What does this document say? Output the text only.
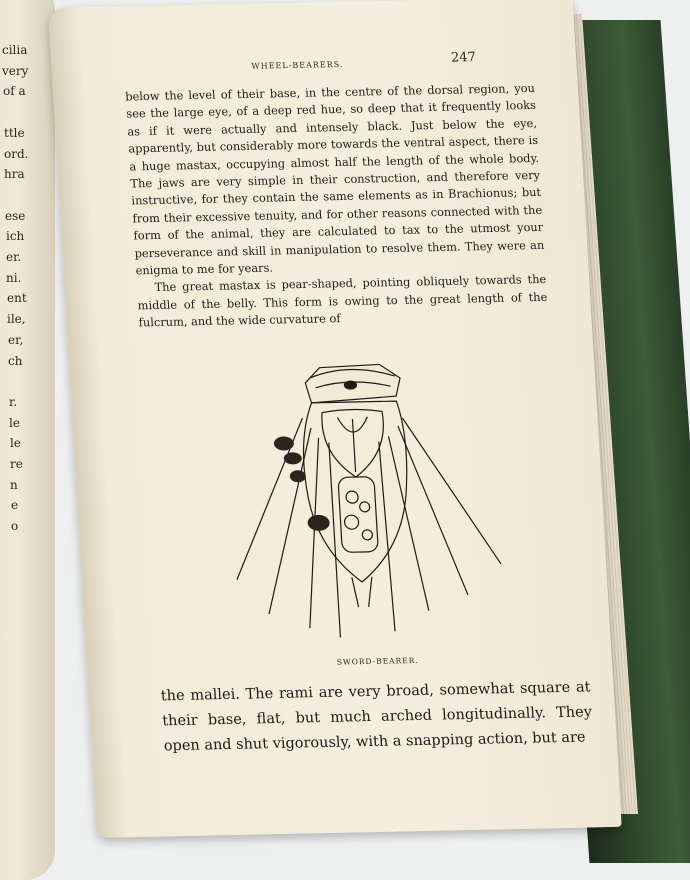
cilia
very
of a
ttle
ord.
hra
ese
ich
er.
ni.
ent
ile,
er,
ch
r.
le
le
re
n
e
o
WHEEL-BEARERS.	247

below the level of their base, in the centre of the dorsal region, you see the large eye, of a deep red hue, so deep that it frequently looks as if it were actually and intensely black. Just below the eye, apparently, but considerably more towards the ventral aspect, there is a huge mastax, occupying almost half the length of the whole body. The jaws are very simple in their construction, and therefore very instructive, for they contain the same elements as in Brachionus; but from their excessive tenuity, and for other reasons connected with the form of the animal, they are calculated to tax to the utmost your perseverance and skill in manipulation to resolve them. They were an enigma to me for years.

The great mastax is pear-shaped, pointing obliquely towards the middle of the belly. This form is owing to the great length of the fulcrum, and the wide curvature of

SWORD-BEARER.

the mallei. The rami are very broad, somewhat square at their base, flat, but much arched longitudinally. They open and shut vigorously, with a snapping action, but are
